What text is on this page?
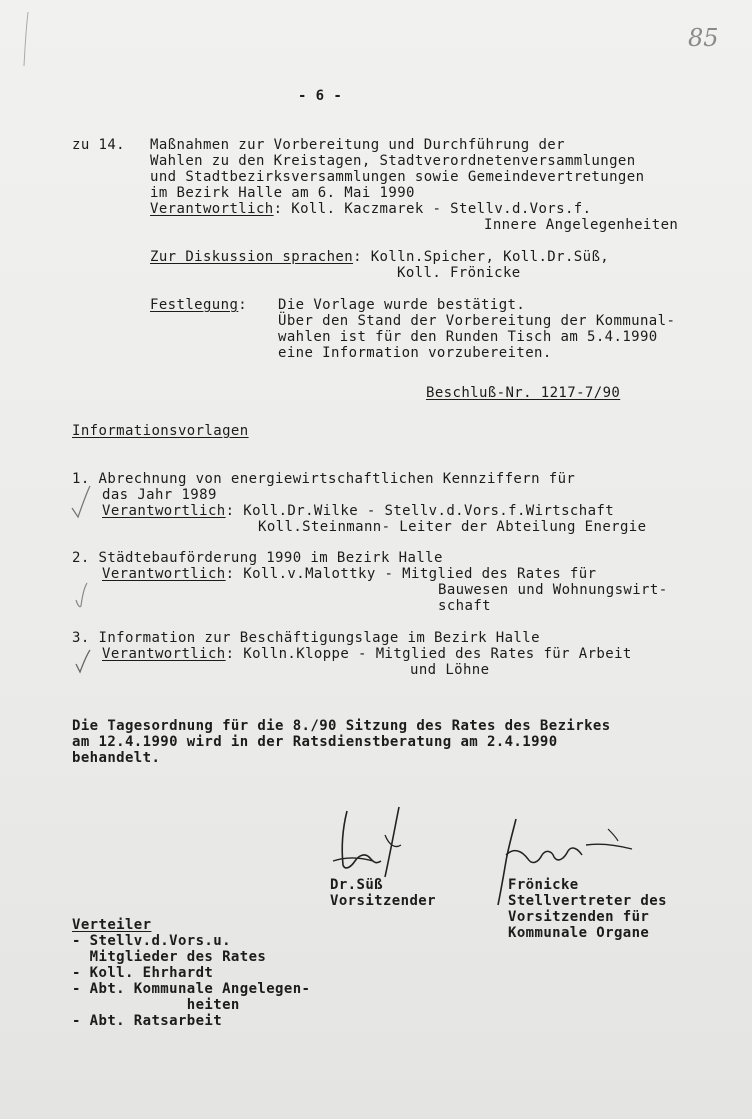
85
- 6 -
zu 14. Maßnahmen zur Vorbereitung und Durchführung der
Wahlen zu den Kreistagen, Stadtverordnetenversammlungen
und Stadtbezirksversammlungen sowie Gemeindevertretungen
im Bezirk Halle am 6. Mai 1990
Verantwortlich: Koll. Kaczmarek - Stellv.d.Vors.f.
Innere Angelegenheiten
Zur Diskussion sprachen: Kolln.Spicher, Koll.Dr.Süß,
Koll. Frönicke
Festlegung: Die Vorlage wurde bestätigt.
Über den Stand der Vorbereitung der Kommunal-
wahlen ist für den Runden Tisch am 5.4.1990
eine Information vorzubereiten.
Beschluß-Nr. 1217-7/90
Informationsvorlagen
1. Abrechnung von energiewirtschaftlichen Kennziffern für
das Jahr 1989
Verantwortlich: Koll.Dr.Wilke - Stellv.d.Vors.f.Wirtschaft
Koll.Steinmann- Leiter der Abteilung Energie
2. Städtebauförderung 1990 im Bezirk Halle
Verantwortlich: Koll.v.Malottky - Mitglied des Rates für
Bauwesen und Wohnungswirt-
schaft
3. Information zur Beschäftigungslage im Bezirk Halle
Verantwortlich: Kolln.Kloppe - Mitglied des Rates für Arbeit
und Löhne
Die Tagesordnung für die 8./90 Sitzung des Rates des Bezirkes
am 12.4.1990 wird in der Ratsdienstberatung am 2.4.1990
behandelt.
Dr.Süß
Vorsitzender
Frönicke
Stellvertreter des
Vorsitzenden für
Kommunale Organe
Verteiler
- Stellv.d.Vors.u.
Mitglieder des Rates
- Koll. Ehrhardt
- Abt. Kommunale Angelegen-
heiten
- Abt. Ratsarbeit
